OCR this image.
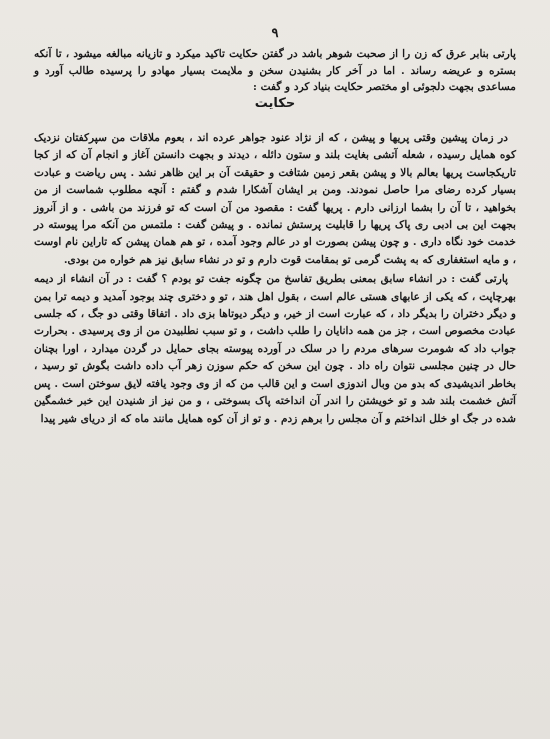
۹
پارتی بنابر عرق که زن را از صحبت شوهر باشد در گفتن حکایت تاکید میکرد و تازیانه مبالغه میشود ، تا آنکه بستره و عریضه رساند . اما در آخر کار بشنیدن سخن و ملایمت بسیار مهادو را پرسیده طالب آورد و مساعدی بجهت دلجوئی او مختصر حکایت بنیاد کرد و گفت :
حکایت

در زمان پیشین وقتی پریها و پیشن ، که از نژاد عنود جواهر عرده اند ، بعوم ملاقات من سپرکفتان نزدیک کوه همایل رسیده ، شعله آتشی بغایت بلند و ستون دائله ، دیدند و بجهت دانستن آغاز و انجام آن که از کجا تاریکجاست پریها بعالم بالا و پیشن بقعر زمین شتافت و حقیقت آن بر این ظاهر نشد . پس ریاضت و عبادت بسیار کرده رضای مرا حاصل نمودند. ومن بر ایشان آشکارا شدم و گفتم : آنچه مطلوب شماست از من بخواهید ، تا آن را بشما ارزانی دارم . پریها گفت : مقصود من آن است که تو فرزند من باشی . و از آنروز بجهت این بی ادبی ری پاک پریها را قابلیت پرستش نمانده . و پیشن گفت : ملتمس من آنکه مرا پیوسته در خدمت خود نگاه داری . و چون پیشن بصورت او در عالم وجود آمده ، تو هم همان پیشن که تاراین نام اوست ، و مایه استغفاری که به پشت گرمی تو بمقامت قوت دارم و تو در نشاء سابق نیز هم خواره من بودی.

پارتی گفت : در انشاء سابق بمعنی بطریق تفاسخ من چگونه جفت تو بودم ؟ گفت : در آن انشاء از دیمه بهرچاپت ، که یکی از عابهای هستی عالم است ، بقول اهل هند ، تو و دختری چند بوجود آمدید و دیمه ترا بمن و دیگر دختران را بدیگر داد ، که عبارت است از خیر، و دیگر دیوتاها بزی داد . اتفاقا وقتی دو جگ ، که جلسی عبادت مخصوص است ، جز من همه دانایان را طلب داشت ، و تو سبب نطلبیدن من از وی پرسیدی . بحرارت جواب داد که شومرت سرهای مردم را در سلک در آورده پیوسته بجای حمایل در گردن میدارد ، اورا بچنان حال در چنین مجلسی نتوان راه داد . چون این سخن که حکم سوزن زهر آب داده داشت بگوش تو رسید ، بخاطر اندیشیدی که بدو من وبال اندوزی است و این قالب من که از وی وجود یافته لایق سوختن است . پس آتش خشمت بلند شد و تو خویشتن را اندر آن انداخته پاک بسوختی ، و من نیز از شنیدن این خبر خشمگین شده در جگ او خلل انداختم و آن مجلس را برهم زدم . و تو از آن کوه همایل مانند ماه که از دریای شیر پیدا
